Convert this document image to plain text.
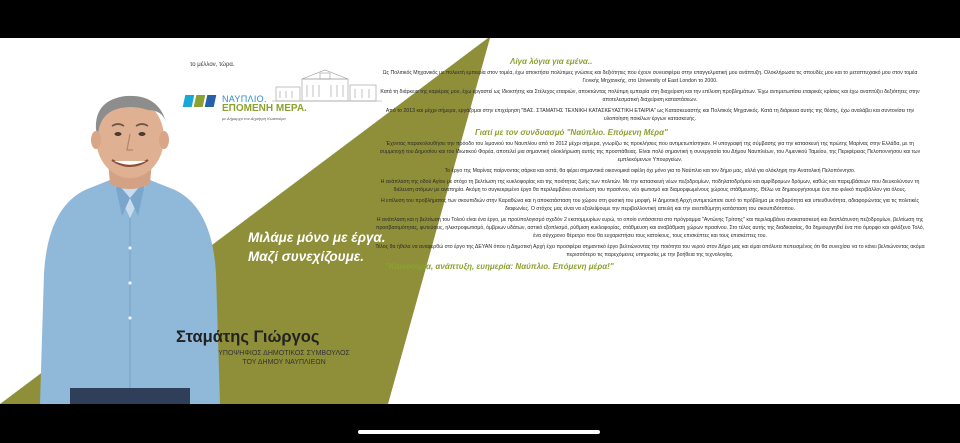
το μέλλον, τώρα.
ΝΑΥΠΛΙΟ.
ΕΠΟΜΕΝΗ ΜΕΡΑ.
με Δήμαρχο τον Δημήτρη Κωστούρο
Μιλάμε μόνο με έργα.
Μαζί συνεχίζουμε.
Σταμάτης Γιώργος
ΥΠΟΨΗΦΙΟΣ ΔΗΜΟΤΙΚΟΣ ΣΥΜΒΟΥΛΟΣ
ΤΟΥ ΔΗΜΟΥ ΝΑΥΠΛΙΕΩΝ
Λίγα λόγια για εμένα..

Ως Πολιτικός Μηχανικός με πολυετή εμπειρία στον τομέα, έχω αποκτήσει πολύτιμες γνώσεις και δεξιότητες που έχουν συνεισφέρει στην επαγγελματική μου ανάπτυξη. Ολοκλήρωσα τις σπουδές μου και το μεταπτυχιακό μου στον τομέα Γενικής Μηχανικής, στο University of East London το 2000.

Κατά τη διάρκεια της καριέρας μου, έχω εργαστεί ως Ιδιοκτήτης και Στέλεχος εταιριών, αποκτώντας πολύτιμη εμπειρία στη διαχείριση και την επίλυση προβλημάτων. Έχω αντιμετωπίσει εταιρικές κρίσεις και έχω αναπτύξει δεξιότητες στην αποτελεσματική διαχείριση καταστάσεων.

Από το 2013 και μέχρι σήμερα, εργάζομαι στην επιχείρηση "ΒΑΣ. ΣΤΑΜΑΤΗΣ ΤΕΧΝΙΚΗ ΚΑΤΑΣΚΕΥΑΣΤΙΚΗ ΕΤΑΙΡΙΑ" ως Κατασκευαστής και Πολιτικός Μηχανικός. Κατά τη διάρκεια αυτής της θέσης, έχω αναλάβει και συντονίσει την υλοποίηση ποικίλων έργων κατασκευής.

Γιατί με τον συνδυασμό "Ναύπλιο. Επόμενη Μέρα"

Έχοντας παρακολουθήσει την πρόοδο του λιμανιού του Ναυπλίου από το 2012 μέχρι σήμερα, γνωρίζω τις προκλήσεις που αντιμετωπίστηκαν. Η υπογραφή της σύμβασης για την κατασκευή της πρώτης Μαρίνας στην Ελλάδα, με τη συμμετοχή του Δημοσίου και του Ιδιωτικού Φορέα, αποτελεί μια σημαντική ολοκλήρωση αυτής της προσπάθειας. Είναι πολύ σημαντική η συνεργασία του Δήμου Ναυπλιέων, του Λιμενικού Ταμείου, της Περιφέρειας Πελοποννήσου και των εμπλεκόμενων Υπουργείων.

Το έργο της Μαρίνας παίρνοντας σάρκα και οστά, θα φέρει σημαντικά οικονομικά οφέλη όχι μόνο για το Ναύπλιο και τον δήμο μας, αλλά για ολόκληρη την Ανατολική Πελοπόννησο.

Η ανάπλαση της οδού Αγίου με στόχο τη βελτίωση της κυκλοφορίας και της ποιότητας ζωής των πολιτών. Με την κατασκευή νέων πεζοδρομίων, ποδηλατοδρόμου και αμφίδρομων δρόμων, καθώς και παρεμβάσεων που διευκολύνουν τη διέλευση ατόμων με αναπηρία. Ακόμη το συγκεκριμένο έργο θα περιλαμβάνει ανανέωση του πρασίνου, νέο φωτισμό και διαμορφωμένους χώρους στάθμευσης. Θέλω να δημιουργήσουμε ένα πιο φιλικό περιβάλλον για όλους.

Η επίλυση του προβλήματος των σκουπιδιών στην Καραθώνα και η αποκατάσταση του χώρου στη φυσική του μορφή. Η Δημοτική Αρχή αντιμετώπισε αυτό το πρόβλημα με σοβαρότητα και υπευθυνότητα, αδιαφορώντας για τις πολιτικές διαφωνίες. Ο στόχος μας είναι να εξαλείψουμε την περιβαλλοντική απειλή και την ανεπιθύμητη κατάσταση του σκουπιδότοπου.

Η ανάπλαση και η βελτίωση του Τολού είναι ένα έργο, με προϋπολογισμό σχεδόν 2 εκατομμυρίων ευρώ, το οποίο εντάσσεται στο πρόγραμμα "Αντώνης Τρίτσης" και περιλαμβάνει ανακατασκευή και διαπλάτυνση πεζοδρομίων, βελτίωση της προσβασιμότητας, φυτεύσεις, ηλεκτροφωτισμό, όμβριων υδάτων, αστικό εξοπλισμό, ρύθμιση κυκλοφορίας, στάθμευση και αναβάθμιση χώρων πρασίνου. Στο τέλος αυτής της διαδικασίας, θα δημιουργηθεί ένα πιο όμορφο και φιλόξενο Τολό, ένα σύγχρονο θέρετρο που θα ευχαριστήσει τους κατοίκους, τους επισκέπτες και τους επισκέπτες του.

Τέλος θα ήθελα να αναφερθώ στο έργο της ΔΕΥΑΝ όπου η Δημοτική Αρχή έχει προσφέρει σημαντικό έργο βελτιώνοντας την ποιότητα του νερού στον Δήμο μας και είμαι απόλυτα πεπεισμένος ότι θα συνεχίσει να το κάνει βελτιώνοντας ακόμα περισσότερο τις παρεχόμενες υπηρεσίες με την βοήθεια της τεχνολογίας.

"Καινοτομία, ανάπτυξη, ευημερία: Ναύπλιο. Επόμενη μέρα!"
